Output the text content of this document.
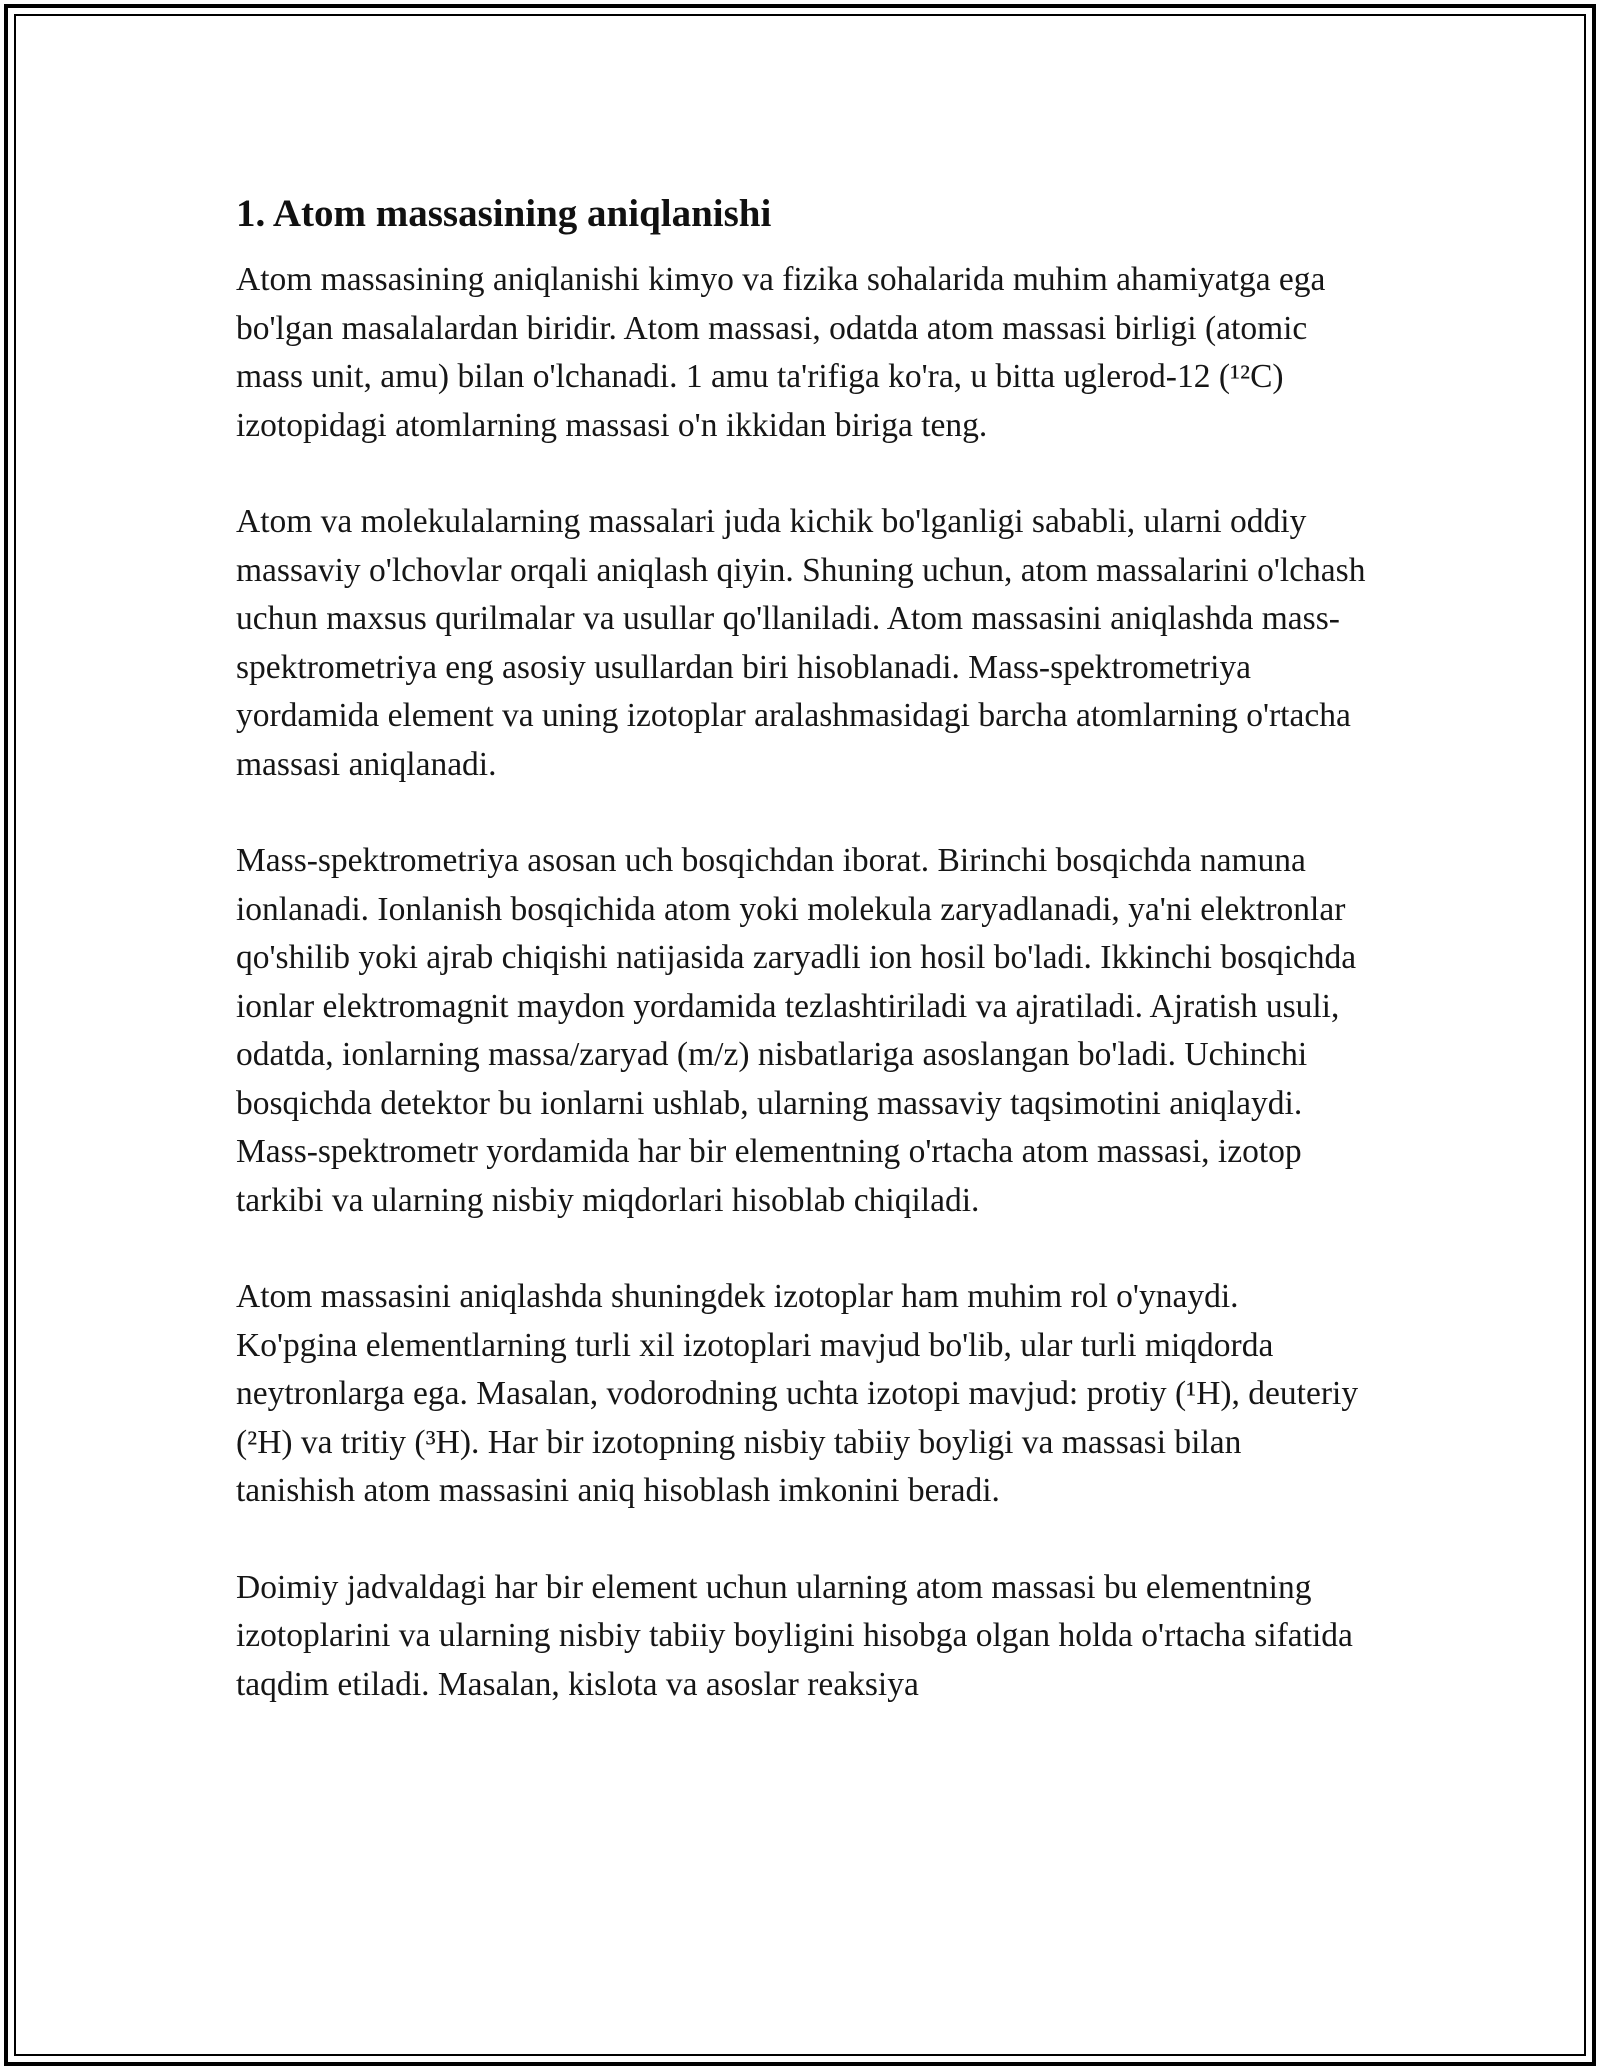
1. Atom massasining aniqlanishi

Atom massasining aniqlanishi kimyo va fizika sohalarida muhim ahamiyatga ega bo'lgan masalalardan biridir. Atom massasi, odatda atom massasi birligi (atomic mass unit, amu) bilan o'lchanadi. 1 amu ta'rifiga ko'ra, u bitta uglerod-12 (¹²C) izotopidagi atomlarning massasi o'n ikkidan biriga teng.

Atom va molekulalarning massalari juda kichik bo'lganligi sababli, ularni oddiy massaviy o'lchovlar orqali aniqlash qiyin. Shuning uchun, atom massalarini o'lchash uchun maxsus qurilmalar va usullar qo'llaniladi. Atom massasini aniqlashda mass-spektrometriya eng asosiy usullardan biri hisoblanadi. Mass-spektrometriya yordamida element va uning izotoplar aralashmasidagi barcha atomlarning o'rtacha massasi aniqlanadi.

Mass-spektrometriya asosan uch bosqichdan iborat. Birinchi bosqichda namuna ionlanadi. Ionlanish bosqichida atom yoki molekula zaryadlanadi, ya'ni elektronlar qo'shilib yoki ajrab chiqishi natijasida zaryadli ion hosil bo'ladi. Ikkinchi bosqichda ionlar elektromagnit maydon yordamida tezlashtiriladi va ajratiladi. Ajratish usuli, odatda, ionlarning massa/zaryad (m/z) nisbatlariga asoslangan bo'ladi. Uchinchi bosqichda detektor bu ionlarni ushlab, ularning massaviy taqsimotini aniqlaydi. Mass-spektrometr yordamida har bir elementning o'rtacha atom massasi, izotop tarkibi va ularning nisbiy miqdorlari hisoblab chiqiladi.

Atom massasini aniqlashda shuningdek izotoplar ham muhim rol o'ynaydi. Ko'pgina elementlarning turli xil izotoplari mavjud bo'lib, ular turli miqdorda neytronlarga ega. Masalan, vodorodning uchta izotopi mavjud: protiy (¹H), deuteriy (²H) va tritiy (³H). Har bir izotopning nisbiy tabiiy boyligi va massasi bilan tanishish atom massasini aniq hisoblash imkonini beradi.

Doimiy jadvaldagi har bir element uchun ularning atom massasi bu elementning izotoplarini va ularning nisbiy tabiiy boyligini hisobga olgan holda o'rtacha sifatida taqdim etiladi. Masalan, kislota va asoslar reaksiya
